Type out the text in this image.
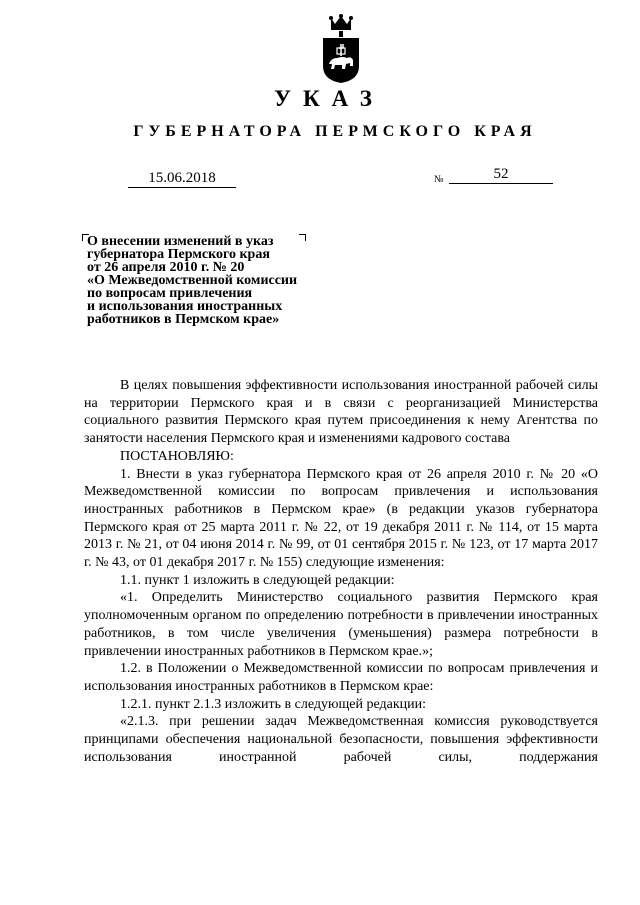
УКАЗ
ГУБЕРНАТОРА ПЕРМСКОГО КРАЯ
15.06.2018	№	52
О внесении изменений в указ
губернатора Пермского края
от 26 апреля 2010 г. № 20
«О Межведомственной комиссии
по вопросам привлечения
и использования иностранных
работников в Пермском крае»

В целях повышения эффективности использования иностранной рабочей силы на территории Пермского края и в связи с реорганизацией Министерства социального развития Пермского края путем присоединения к нему Агентства по занятости населения Пермского края и изменениями кадрового состава

ПОСТАНОВЛЯЮ:

1. Внести в указ губернатора Пермского края от 26 апреля 2010 г. № 20 «О Межведомственной комиссии по вопросам привлечения и использования иностранных работников в Пермском крае» (в редакции указов губернатора Пермского края от 25 марта 2011 г. № 22, от 19 декабря 2011 г. № 114, от 15 марта 2013 г. № 21, от 04 июня 2014 г. № 99, от 01 сентября 2015 г. № 123, от 17 марта 2017 г. № 43, от 01 декабря 2017 г. № 155) следующие изменения:

1.1. пункт 1 изложить в следующей редакции:

«1. Определить Министерство социального развития Пермского края уполномоченным органом по определению потребности в привлечении иностранных работников, в том числе увеличения (уменьшения) размера потребности в привлечении иностранных работников в Пермском крае.»;

1.2. в Положении о Межведомственной комиссии по вопросам привлечения и использования иностранных работников в Пермском крае:

1.2.1. пункт 2.1.3 изложить в следующей редакции:

«2.1.3. при решении задач Межведомственная комиссия руководствуется принципами обеспечения национальной безопасности, повышения эффективности использования иностранной рабочей силы, поддержания
